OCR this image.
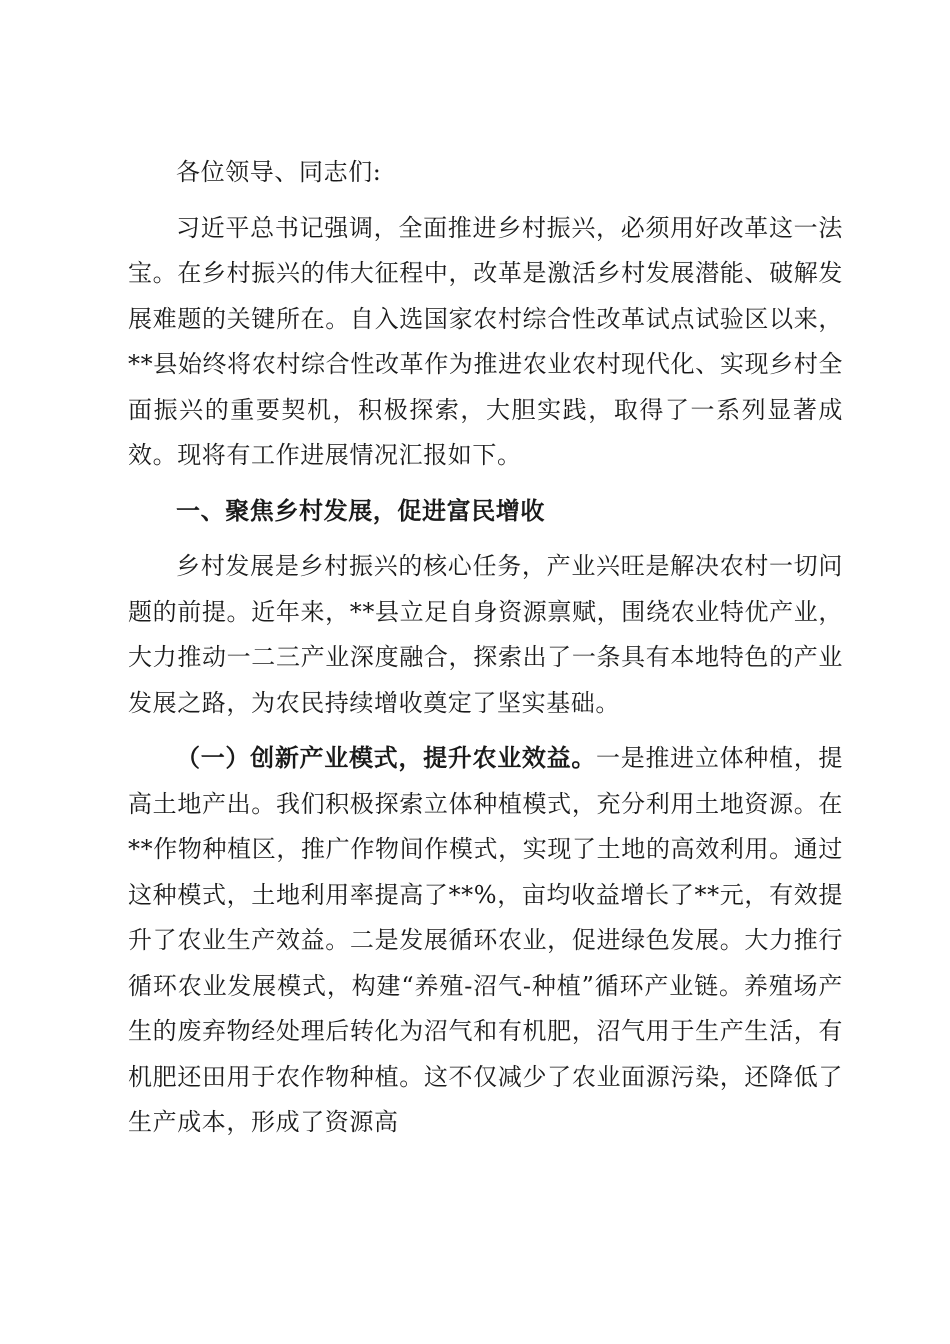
各位领导、同志们:

习近平总书记强调，全面推进乡村振兴，必须用好改革这一法宝。在乡村振兴的伟大征程中，改革是激活乡村发展潜能、破解发展难题的关键所在。自入选国家农村综合性改革试点试验区以来，**县始终将农村综合性改革作为推进农业农村现代化、实现乡村全面振兴的重要契机，积极探索，大胆实践，取得了一系列显著成效。现将有工作进展情况汇报如下。

一、聚焦乡村发展，促进富民增收

乡村发展是乡村振兴的核心任务，产业兴旺是解决农村一切问题的前提。近年来，**县立足自身资源禀赋，围绕农业特优产业，大力推动一二三产业深度融合，探索出了一条具有本地特色的产业发展之路，为农民持续增收奠定了坚实基础。

（一）创新产业模式，提升农业效益。一是推进立体种植，提高土地产出。我们积极探索立体种植模式，充分利用土地资源。在**作物种植区，推广作物间作模式，实现了土地的高效利用。通过这种模式，土地利用率提高了**%，亩均收益增长了**元，有效提升了农业生产效益。二是发展循环农业，促进绿色发展。大力推行循环农业发展模式，构建“养殖-沼气-种植”循环产业链。养殖场产生的废弃物经处理后转化为沼气和有机肥，沼气用于生产生活，有机肥还田用于农作物种植。这不仅减少了农业面源污染，还降低了生产成本，形成了资源高
